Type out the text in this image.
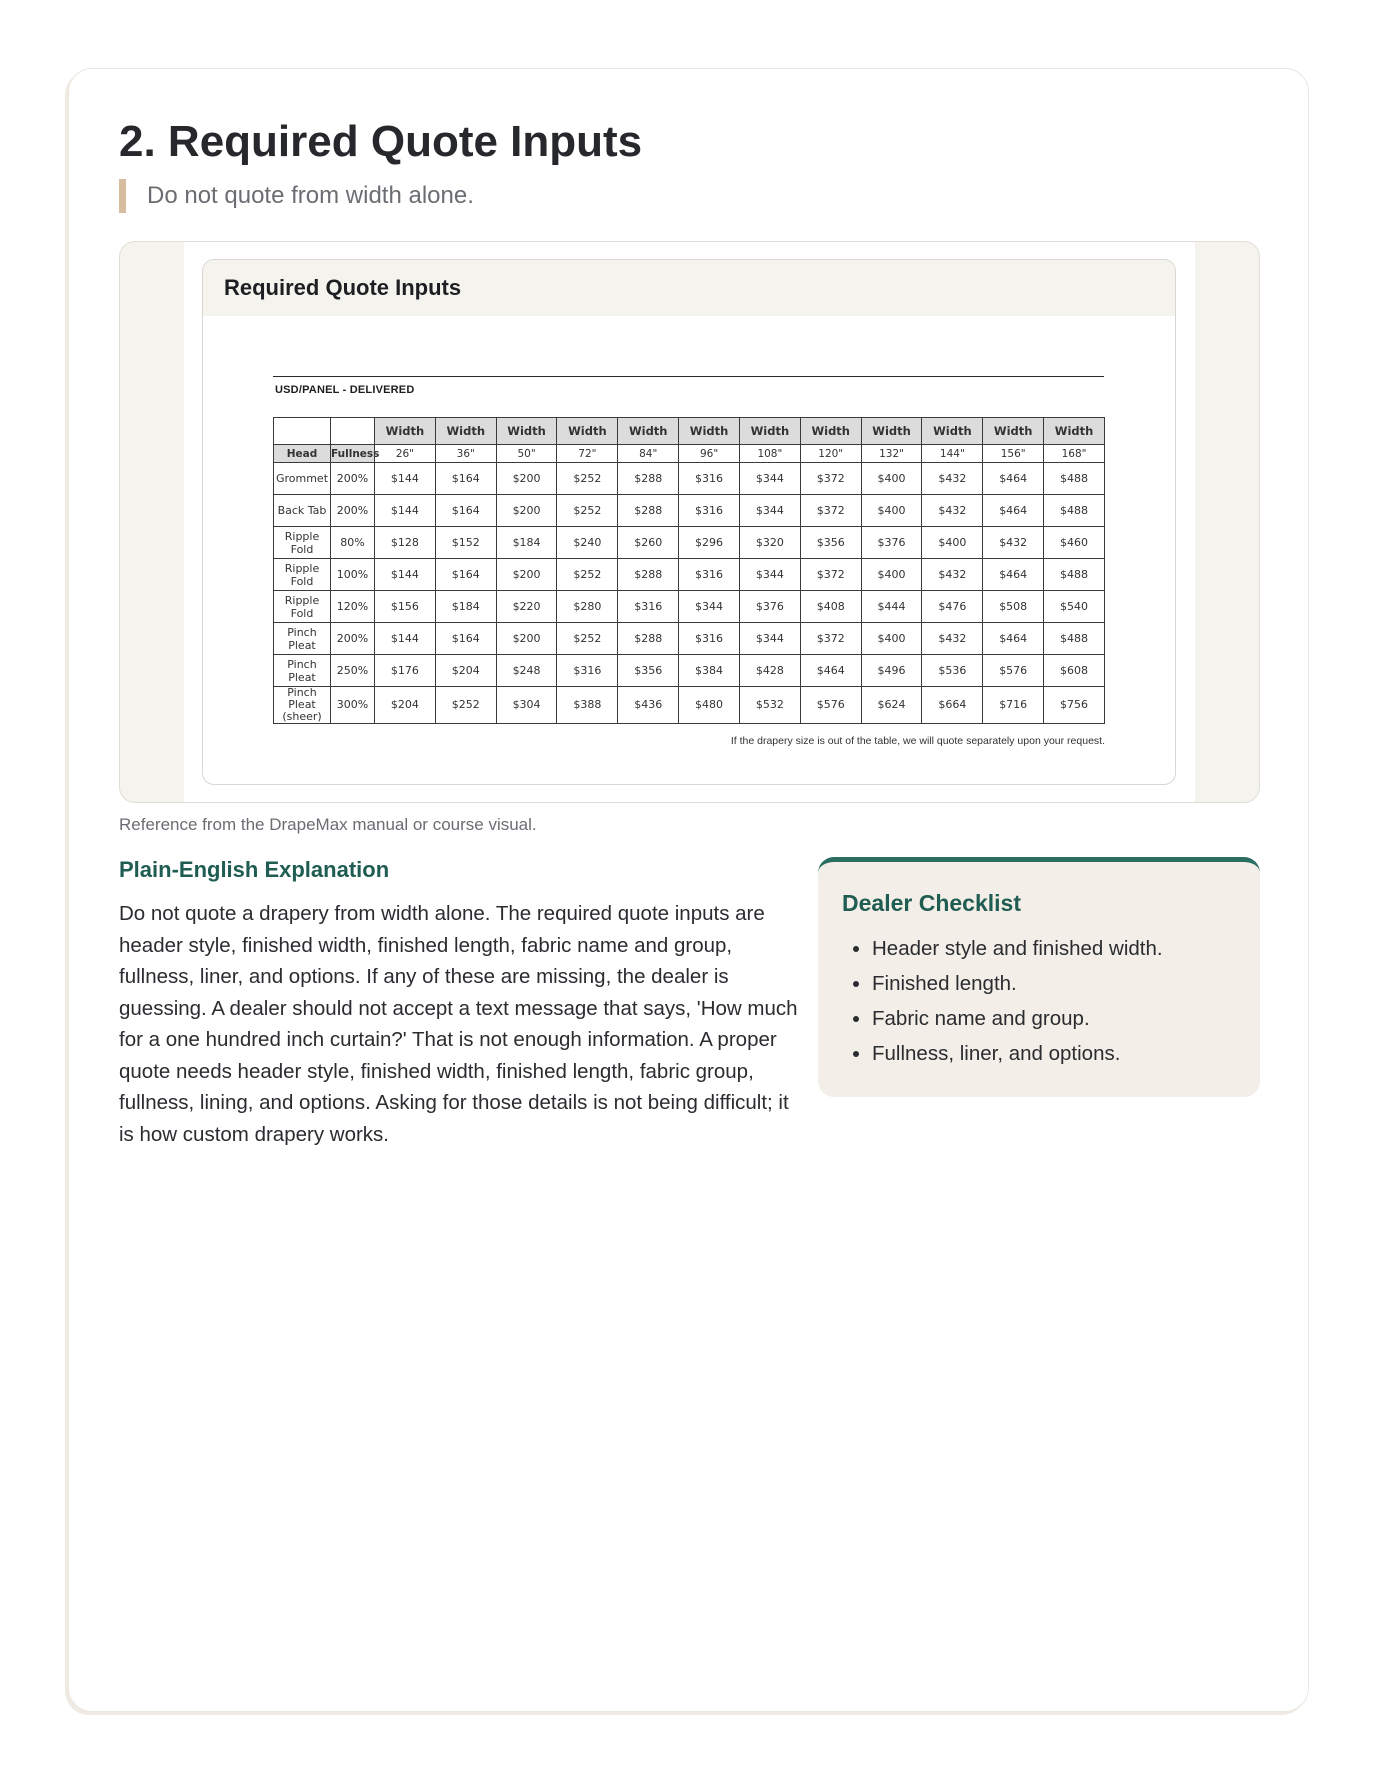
2. Required Quote Inputs
Do not quote from width alone.
Required Quote Inputs
USD/PANEL - DELIVERED
		Width	Width	Width	Width	Width	Width	Width	Width	Width	Width	Width	Width
Head	Fullness	26"	36"	50"	72"	84"	96"	108"	120"	132"	144"	156"	168"
Grommet	200%	$144	$164	$200	$252	$288	$316	$344	$372	$400	$432	$464	$488
Back Tab	200%	$144	$164	$200	$252	$288	$316	$344	$372	$400	$432	$464	$488
Ripple Fold	80%	$128	$152	$184	$240	$260	$296	$320	$356	$376	$400	$432	$460
Ripple Fold	100%	$144	$164	$200	$252	$288	$316	$344	$372	$400	$432	$464	$488
Ripple Fold	120%	$156	$184	$220	$280	$316	$344	$376	$408	$444	$476	$508	$540
Pinch Pleat	200%	$144	$164	$200	$252	$288	$316	$344	$372	$400	$432	$464	$488
Pinch Pleat	250%	$176	$204	$248	$316	$356	$384	$428	$464	$496	$536	$576	$608
Pinch Pleat
(sheer)	300%	$204	$252	$304	$388	$436	$480	$532	$576	$624	$664	$716	$756
If the drapery size is out of the table, we will quote separately upon your request.
Reference from the DrapeMax manual or course visual.
Plain-English Explanation

Do not quote a drapery from width alone. The required quote inputs are header style, finished width, finished length, fabric name and group, fullness, liner, and options. If any of these are missing, the dealer is guessing. A dealer should not accept a text message that says, 'How much for a one hundred inch curtain?' That is not enough information. A proper quote needs header style, finished width, finished length, fabric group, fullness, lining, and options. Asking for those details is not being difficult; it is how custom drapery works.

Dealer Checklist
• Header style and finished width.
• Finished length.
• Fabric name and group.
• Fullness, liner, and options.
